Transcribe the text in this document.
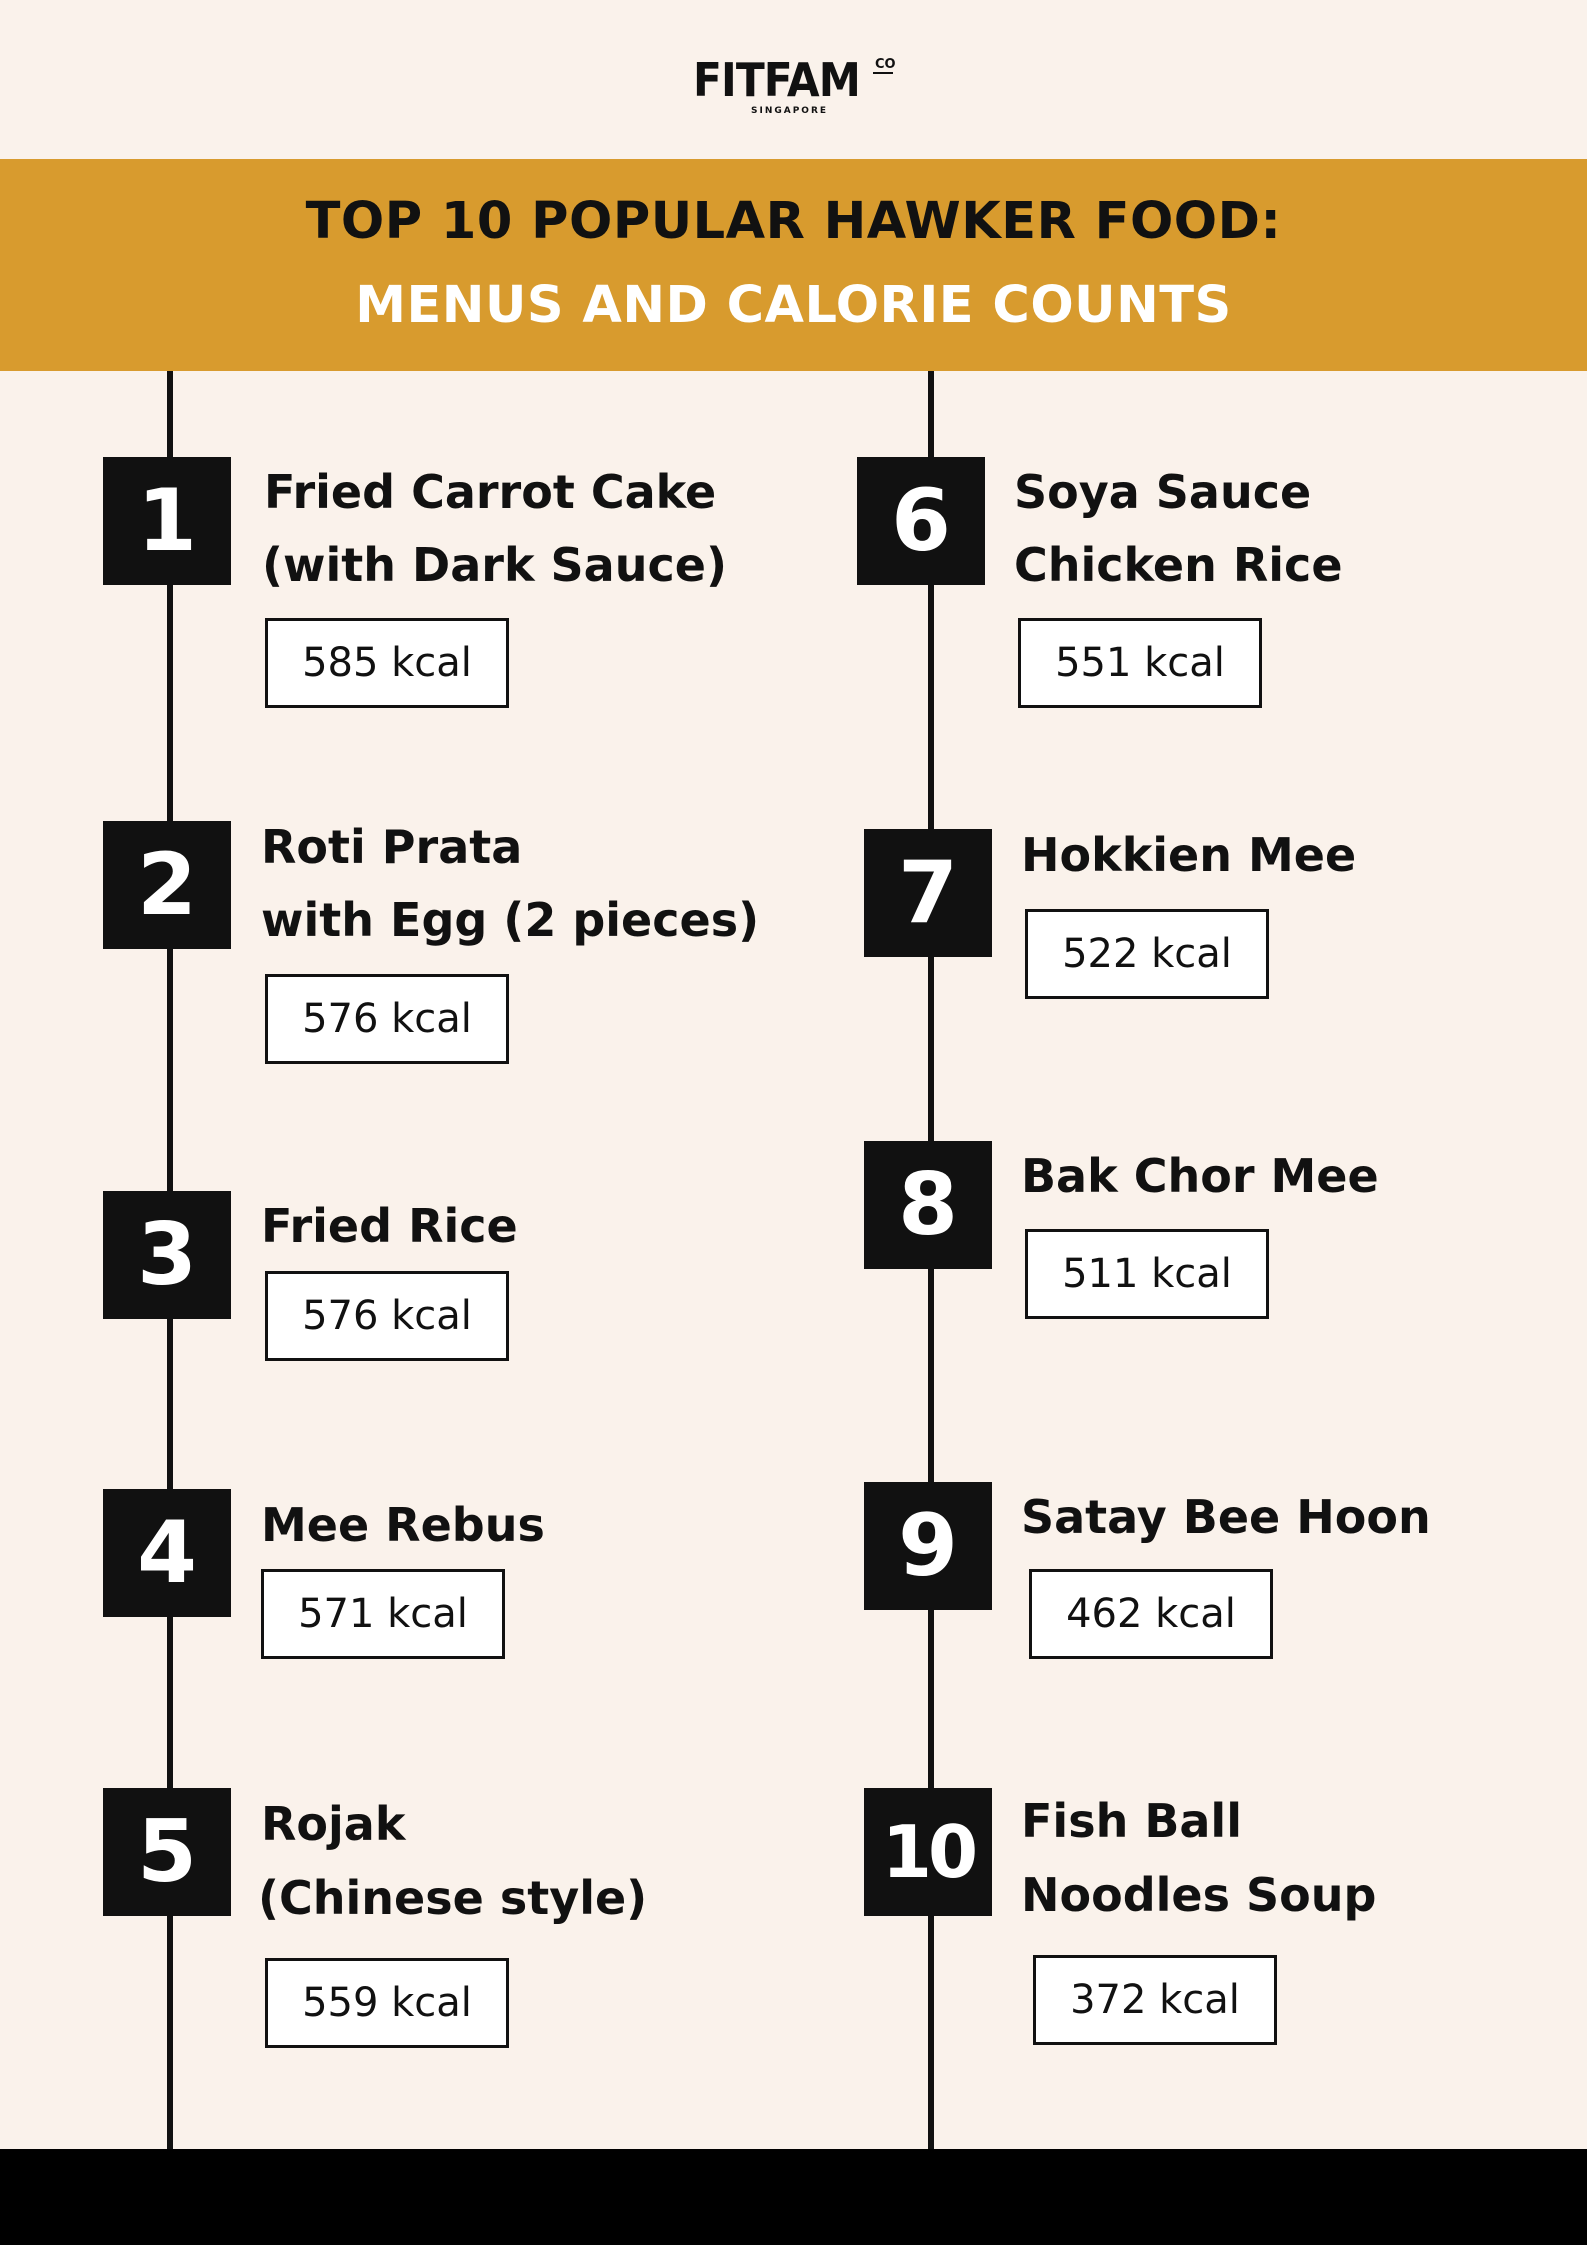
FITFAM CO
SINGAPORE
TOP 10 POPULAR HAWKER FOOD:
MENUS AND CALORIE COUNTS
1	Fried Carrot Cake
(with Dark Sauce)
585 kcal
2	Roti Prata
with Egg (2 pieces)
576 kcal
3	Fried Rice
576 kcal
4	Mee Rebus
571 kcal
5	Rojak
(Chinese style)
559 kcal
6	Soya Sauce
Chicken Rice
551 kcal
7	Hokkien Mee
522 kcal
8	Bak Chor Mee
511 kcal
9	Satay Bee Hoon
462 kcal
10	Fish Ball
Noodles Soup
372 kcal
